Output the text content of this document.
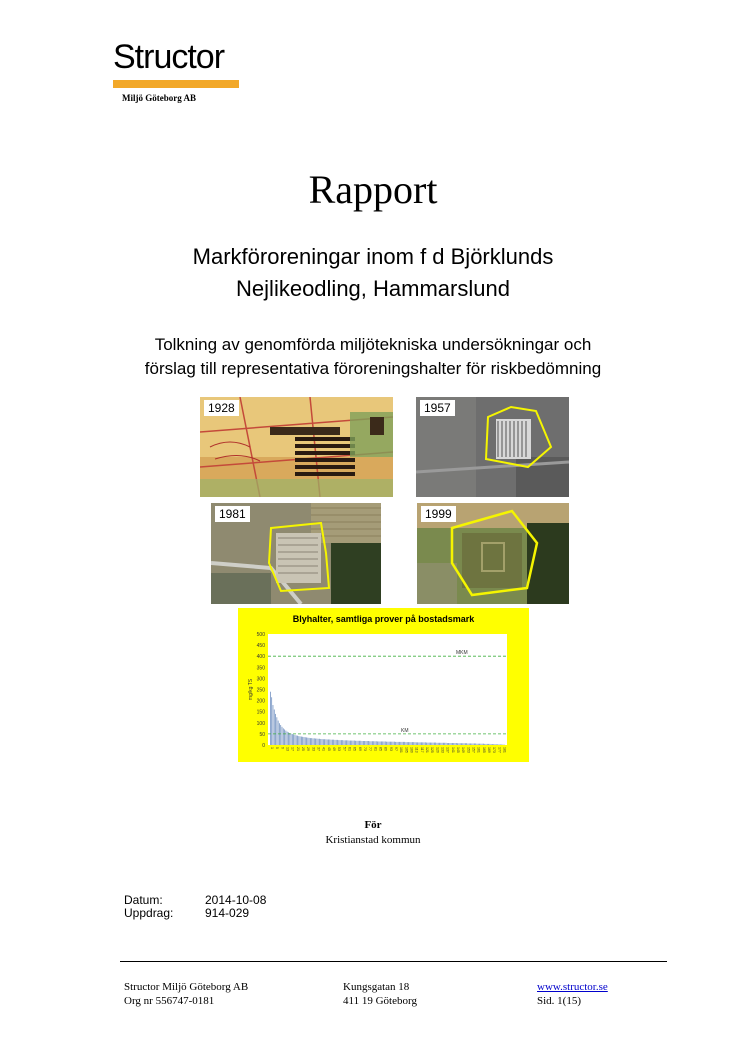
Structor
Miljö Göteborg AB
Rapport
Markföroreningar inom f d Björklunds
Nejlikeodling, Hammarslund
Tolkning av genomförda miljötekniska undersökningar och
förslag till representativa föroreningshalter för riskbedömning
1928	1957
1981	1999
Blyhalter, samtliga prover på bostadsmark
0
50
100
150
200
250
300
350
400
450
500
mg/kg TS
1 5 9 13 17 21 25 29 33 37 41 45 49 53 57 61 65 69 73 77 81 85 89 93 97 101 105 109 113 117 121 125 129 133 137 141 145 149 153 157 161 165 169 173 177 181
MKM
KM
För
Kristianstad kommun
Datum:	2014-10-08
Uppdrag:	914-029
Structor Miljö Göteborg AB
Org nr 556747-0181
Kungsgatan 18
411 19 Göteborg
www.structor.se
Sid. 1(15)
